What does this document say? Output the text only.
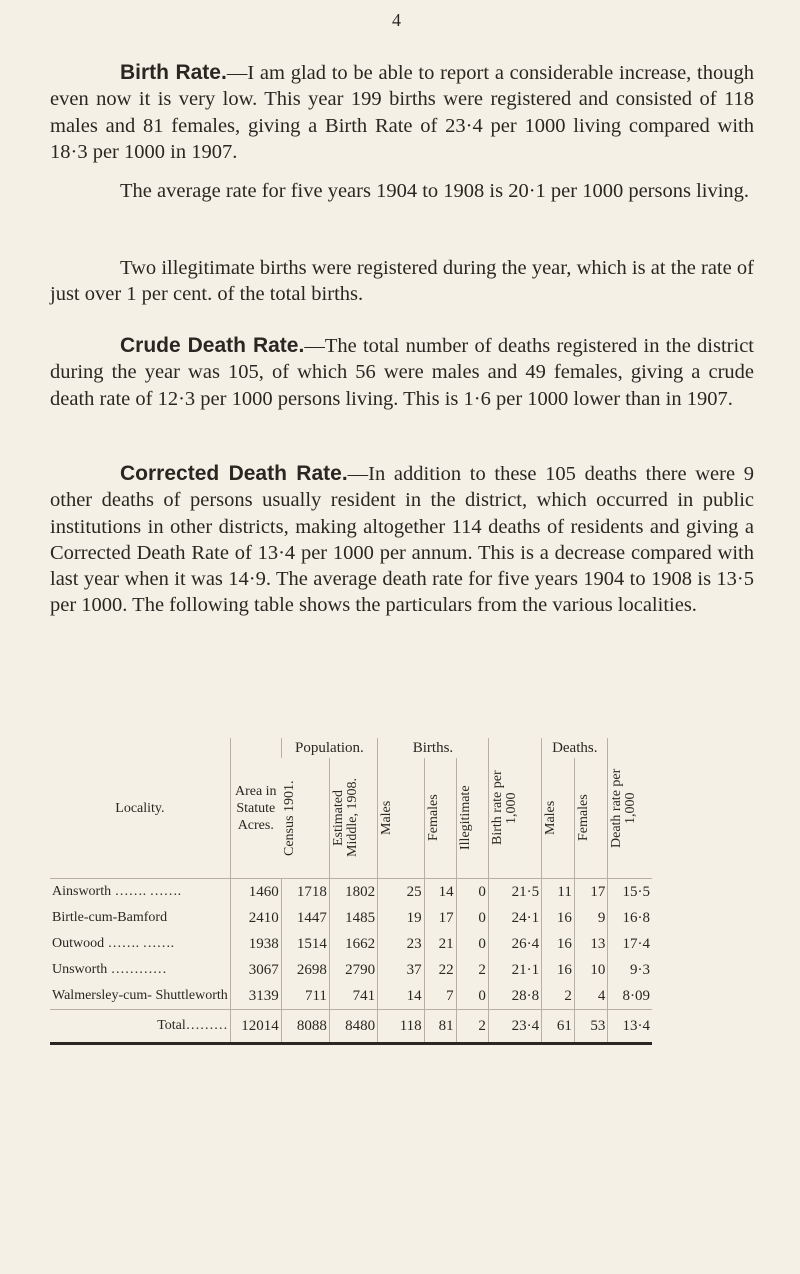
4

Birth Rate.—I am glad to be able to report a considerable increase, though even now it is very low. This year 199 births were registered and consisted of 118 males and 81 females, giving a Birth Rate of 23·4 per 1000 living compared with 18·3 per 1000 in 1907.

The average rate for five years 1904 to 1908 is 20·1 per 1000 persons living.

Two illegitimate births were registered during the year, which is at the rate of just over 1 per cent. of the total births.

Crude Death Rate.—The total number of deaths registered in the district during the year was 105, of which 56 were males and 49 females, giving a crude death rate of 12·3 per 1000 persons living. This is 1·6 per 1000 lower than in 1907.

Corrected Death Rate.—In addition to these 105 deaths there were 9 other deaths of persons usually resident in the district, which occurred in public institutions in other districts, making altogether 114 deaths of residents and giving a Corrected Death Rate of 13·4 per 1000 per annum. This is a decrease compared with last year when it was 14·9. The average death rate for five years 1904 to 1908 is 13·5 per 1000. The following table shows the particulars from the various localities.

Locality.	Area in Statute Acres.	Population.		Births.			Birth rate per 1,000	Deaths.		Death rate per 1,000

		Census 1901.	Estimated Middle, 1908.	Males	Females	Illegitimate		Males	Females	

Ainsworth ……. …….	1460	1718	1802	25	14	0	21·5	11	17	15·5
Birtle-cum-Bamford	2410	1447	1485	19	17	0	24·1	16	9	16·8
Outwood ……. …….	1938	1514	1662	23	21	0	26·4	16	13	17·4
Unsworth …………	3067	2698	2790	37	22	2	21·1	16	10	9·3
Walmersley-cum- Shuttleworth	3139	711	741	14	7	0	28·8	2	4	8·09
Total………	12014	8088	8480	118	81	2	23·4	61	53	13·4
